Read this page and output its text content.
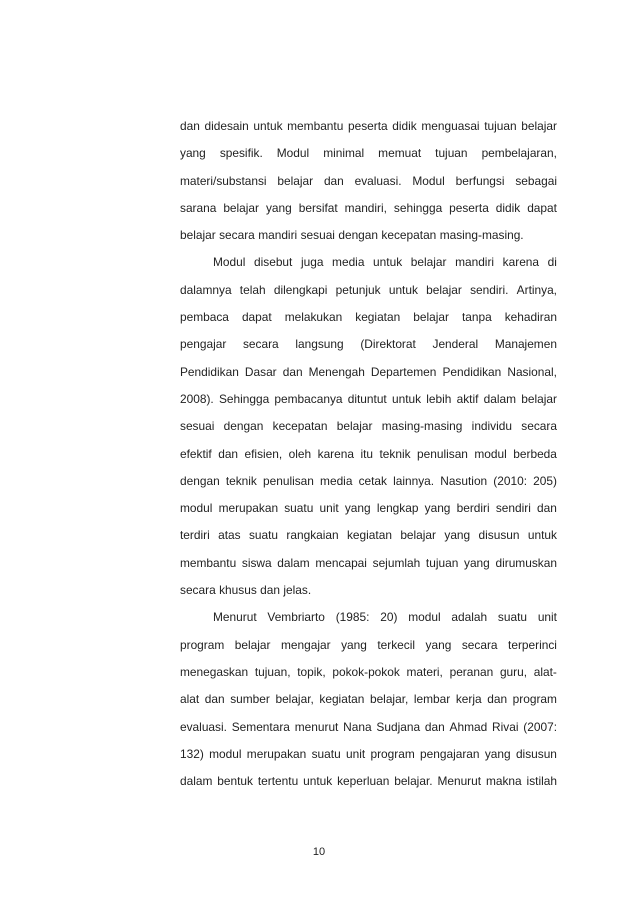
dan didesain untuk membantu peserta didik menguasai tujuan belajar
yang spesifik. Modul minimal memuat tujuan pembelajaran,
materi/substansi belajar dan evaluasi. Modul berfungsi sebagai
sarana belajar yang bersifat mandiri, sehingga peserta didik dapat
belajar secara mandiri sesuai dengan kecepatan masing-masing.
Modul disebut juga media untuk belajar mandiri karena di
dalamnya telah dilengkapi petunjuk untuk belajar sendiri. Artinya,
pembaca dapat melakukan kegiatan belajar tanpa kehadiran
pengajar secara langsung (Direktorat Jenderal Manajemen
Pendidikan Dasar dan Menengah Departemen Pendidikan Nasional,
2008). Sehingga pembacanya dituntut untuk lebih aktif dalam belajar
sesuai dengan kecepatan belajar masing-masing individu secara
efektif dan efisien, oleh karena itu teknik penulisan modul berbeda
dengan teknik penulisan media cetak lainnya. Nasution (2010: 205)
modul merupakan suatu unit yang lengkap yang berdiri sendiri dan
terdiri atas suatu rangkaian kegiatan belajar yang disusun untuk
membantu siswa dalam mencapai sejumlah tujuan yang dirumuskan
secara khusus dan jelas.
Menurut Vembriarto (1985: 20) modul adalah suatu unit
program belajar mengajar yang terkecil yang secara terperinci
menegaskan tujuan, topik, pokok-pokok materi, peranan guru, alat-
alat dan sumber belajar, kegiatan belajar, lembar kerja dan program
evaluasi. Sementara menurut Nana Sudjana dan Ahmad Rivai (2007:
132) modul merupakan suatu unit program pengajaran yang disusun
dalam bentuk tertentu untuk keperluan belajar. Menurut makna istilah
10
